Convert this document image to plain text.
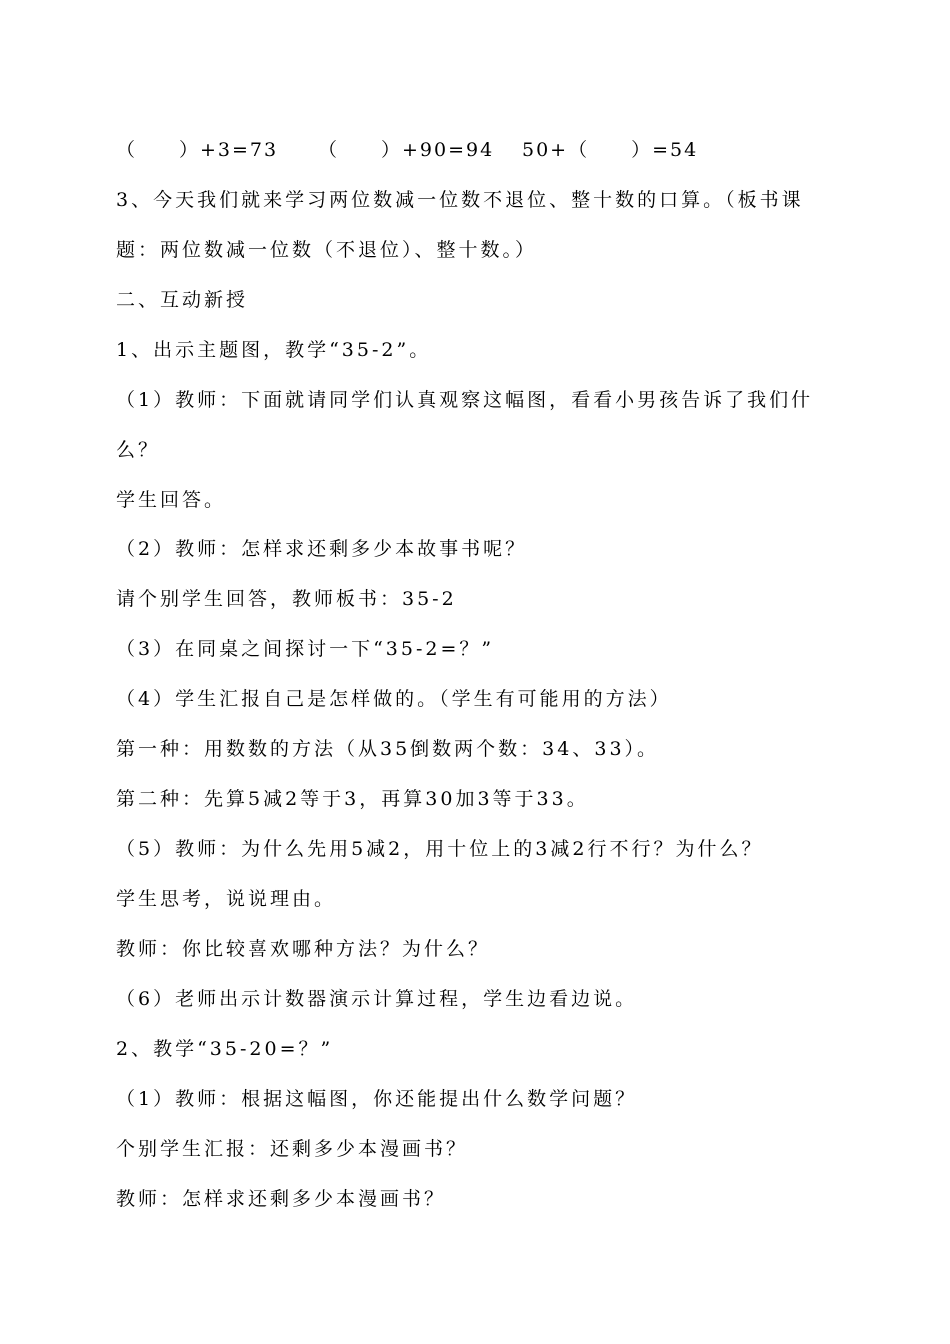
（　　）+3=73 （　　）+90=94 50+（　　）=54
3、今天我们就来学习两位数减一位数不退位、整十数的口算。（板书课
题：两位数减一位数（不退位）、整十数。）
二、互动新授
1、出示主题图，教学“35-2”。
（1）教师：下面就请同学们认真观察这幅图，看看小男孩告诉了我们什
么？
学生回答。
（2）教师：怎样求还剩多少本故事书呢？
请个别学生回答，教师板书：35-2
（3）在同桌之间探讨一下“35-2=？”
（4）学生汇报自己是怎样做的。（学生有可能用的方法）
第一种：用数数的方法（从35倒数两个数：34、33）。
第二种：先算5减2等于3，再算30加3等于33。
（5）教师：为什么先用5减2，用十位上的3减2行不行？为什么？
学生思考，说说理由。
教师：你比较喜欢哪种方法？为什么？
（6）老师出示计数器演示计算过程，学生边看边说。
2、教学“35-20=？”
（1）教师：根据这幅图，你还能提出什么数学问题？
个别学生汇报：还剩多少本漫画书？
教师：怎样求还剩多少本漫画书？
